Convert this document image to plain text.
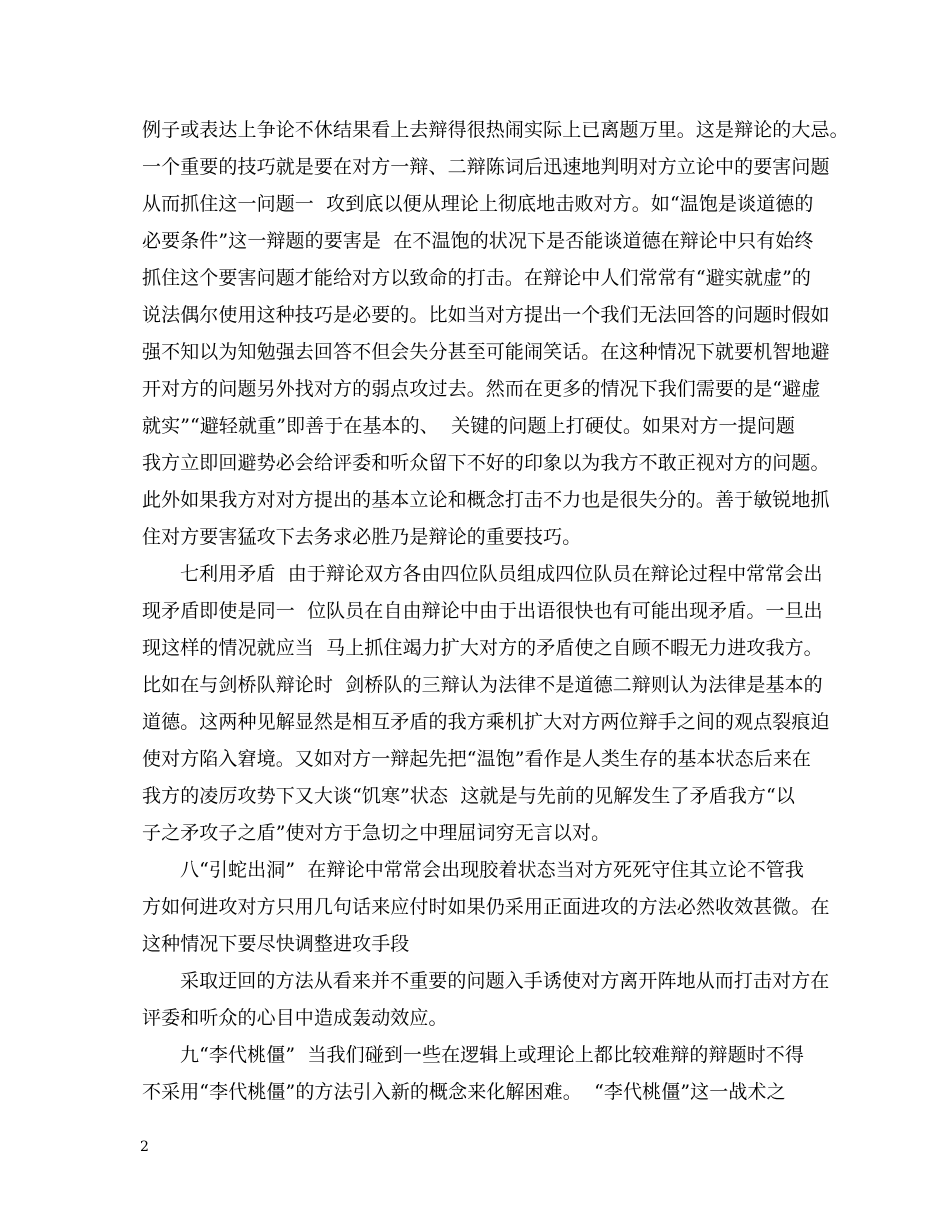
例子或表达上争论不休结果看上去辩得很热闹实际上已离题万里。这是辩论的大忌。
一个重要的技巧就是要在对方一辩、二辩陈词后迅速地判明对方立论中的要害问题
从而抓住这一问题一  攻到底以便从理论上彻底地击败对方。如“温饱是谈道德的
必要条件”这一辩题的要害是  在不温饱的状况下是否能谈道德在辩论中只有始终
抓住这个要害问题才能给对方以致命的打击。在辩论中人们常常有“避实就虚”的
说法偶尔使用这种技巧是必要的。比如当对方提出一个我们无法回答的问题时假如
强不知以为知勉强去回答不但会失分甚至可能闹笑话。在这种情况下就要机智地避
开对方的问题另外找对方的弱点攻过去。然而在更多的情况下我们需要的是“避虚
就实”“避轻就重”即善于在基本的、  关键的问题上打硬仗。如果对方一提问题
我方立即回避势必会给评委和听众留下不好的印象以为我方不敢正视对方的问题。
此外如果我方对对方提出的基本立论和概念打击不力也是很失分的。善于敏锐地抓
住对方要害猛攻下去务求必胜乃是辩论的重要技巧。
七利用矛盾  由于辩论双方各由四位队员组成四位队员在辩论过程中常常会出
现矛盾即使是同一  位队员在自由辩论中由于出语很快也有可能出现矛盾。一旦出
现这样的情况就应当  马上抓住竭力扩大对方的矛盾使之自顾不暇无力进攻我方。
比如在与剑桥队辩论时  剑桥队的三辩认为法律不是道德二辩则认为法律是基本的
道德。这两种见解显然是相互矛盾的我方乘机扩大对方两位辩手之间的观点裂痕迫
使对方陷入窘境。又如对方一辩起先把“温饱”看作是人类生存的基本状态后来在
我方的凌厉攻势下又大谈“饥寒”状态  这就是与先前的见解发生了矛盾我方“以
子之矛攻子之盾”使对方于急切之中理屈词穷无言以对。
八“引蛇出洞”  在辩论中常常会出现胶着状态当对方死死守住其立论不管我
方如何进攻对方只用几句话来应付时如果仍采用正面进攻的方法必然收效甚微。在
这种情况下要尽快调整进攻手段
采取迂回的方法从看来并不重要的问题入手诱使对方离开阵地从而打击对方在
评委和听众的心目中造成轰动效应。
九“李代桃僵”  当我们碰到一些在逻辑上或理论上都比较难辩的辩题时不得
不采用“李代桃僵”的方法引入新的概念来化解困难。  “李代桃僵”这一战术之
2
